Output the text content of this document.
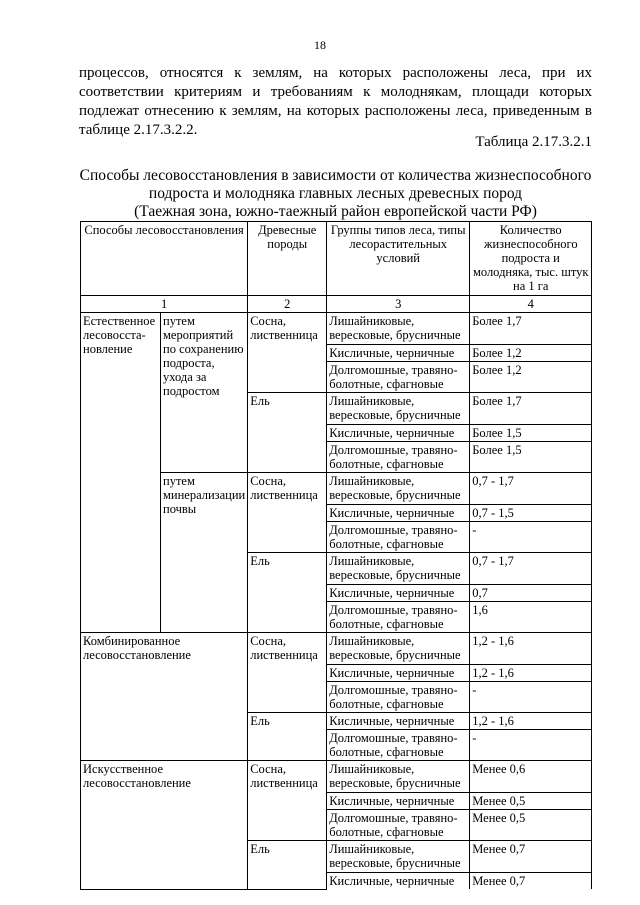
18
процессов, относятся к землям, на которых расположены леса, при их соответствии критериям и требованиям к молоднякам, площади которых подлежат отнесению к землям, на которых расположены леса, приведенным в таблице 2.17.3.2.2.
Таблица 2.17.3.2.1
Способы лесовосстановления в зависимости от количества жизнеспособного
подроста и молодняка главных лесных древесных пород
(Таежная зона, южно-таежный район европейской части РФ)
Способы лесовосстановления		Древесные породы	Группы типов леса, типы лесорастительных условий	Количество жизнеспособного подроста и молодняка, тыс. штук на 1 га
1		2	3	4
Естественное лесовосста-новление	путем мероприятий по сохранению подроста, ухода за подростом	Сосна, лиственница	Лишайниковые, вересковые, брусничные	Более 1,7
			Кисличные, черничные	Более 1,2
			Долгомошные, травяно-болотные, сфагновые	Более 1,2
		Ель	Лишайниковые, вересковые, брусничные	Более 1,7
			Кисличные, черничные	Более 1,5
			Долгомошные, травяно-болотные, сфагновые	Более 1,5
	путем минерализации почвы	Сосна, лиственница	Лишайниковые, вересковые, брусничные	0,7 - 1,7
			Кисличные, черничные	0,7 - 1,5
			Долгомошные, травяно-болотные, сфагновые	-
		Ель	Лишайниковые, вересковые, брусничные	0,7 - 1,7
			Кисличные, черничные	0,7
			Долгомошные, травяно-болотные, сфагновые	1,6
Комбинированное лесовосстановление		Сосна, лиственница	Лишайниковые, вересковые, брусничные	1,2 - 1,6
			Кисличные, черничные	1,2 - 1,6
			Долгомошные, травяно-болотные, сфагновые	-
		Ель	Кисличные, черничные	1,2 - 1,6
			Долгомошные, травяно-болотные, сфагновые	-
Искусственное лесовосстановление		Сосна, лиственница	Лишайниковые, вересковые, брусничные	Менее 0,6
			Кисличные, черничные	Менее 0,5
			Долгомошные, травяно-болотные, сфагновые	Менее 0,5
		Ель	Лишайниковые, вересковые, брусничные	Менее 0,7
			Кисличные, черничные	Менее 0,7
